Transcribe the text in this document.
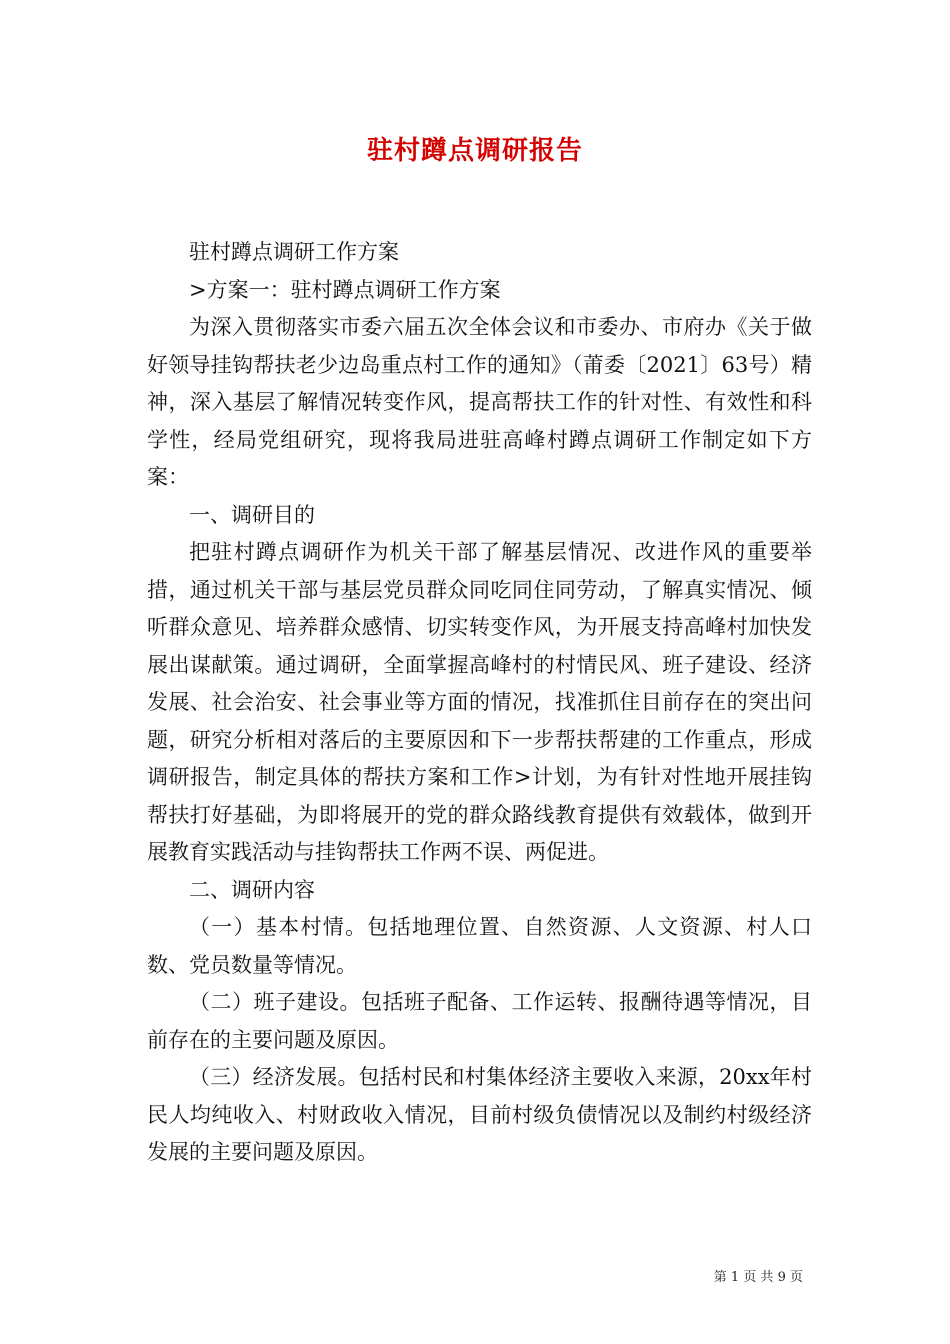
驻村蹲点调研报告

驻村蹲点调研工作方案

>方案一：驻村蹲点调研工作方案

为深入贯彻落实市委六届五次全体会议和市委办、市府办《关于做好领导挂钩帮扶老少边岛重点村工作的通知》（莆委〔2021〕63号）精神，深入基层了解情况转变作风，提高帮扶工作的针对性、有效性和科学性，经局党组研究，现将我局进驻高峰村蹲点调研工作制定如下方案：

一、调研目的

把驻村蹲点调研作为机关干部了解基层情况、改进作风的重要举措，通过机关干部与基层党员群众同吃同住同劳动，了解真实情况、倾听群众意见、培养群众感情、切实转变作风，为开展支持高峰村加快发展出谋献策。通过调研，全面掌握高峰村的村情民风、班子建设、经济发展、社会治安、社会事业等方面的情况，找准抓住目前存在的突出问题，研究分析相对落后的主要原因和下一步帮扶帮建的工作重点，形成调研报告，制定具体的帮扶方案和工作>计划，为有针对性地开展挂钩帮扶打好基础，为即将展开的党的群众路线教育提供有效载体，做到开展教育实践活动与挂钩帮扶工作两不误、两促进。

二、调研内容

（一）基本村情。包括地理位置、自然资源、人文资源、村人口数、党员数量等情况。

（二）班子建设。包括班子配备、工作运转、报酬待遇等情况，目前存在的主要问题及原因。

（三）经济发展。包括村民和村集体经济主要收入来源，20xx年村民人均纯收入、村财政收入情况，目前村级负债情况以及制约村级经济发展的主要问题及原因。

第 1 页 共 9 页
